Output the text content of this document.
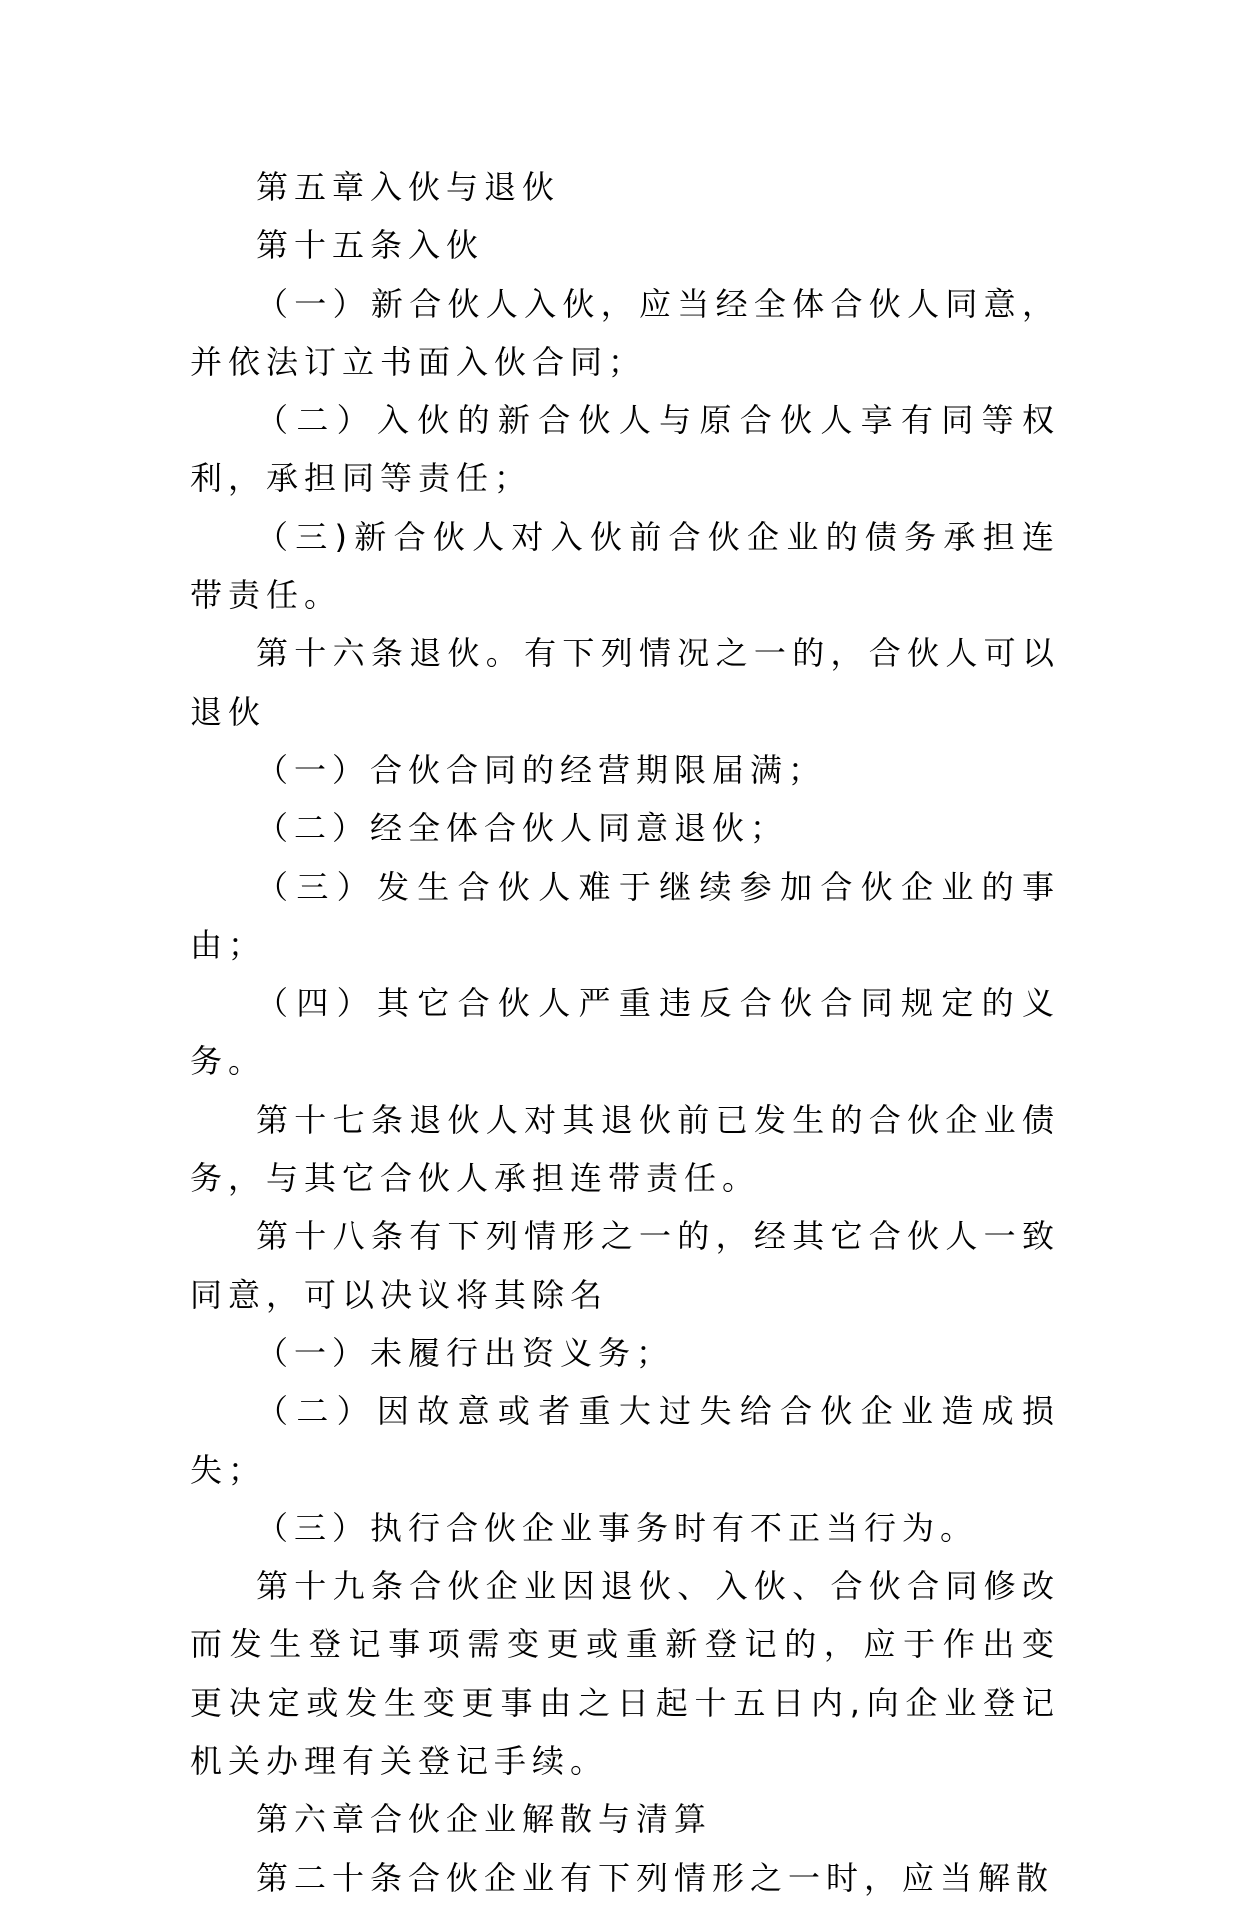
第五章入伙与退伙

第十五条入伙

（一）新合伙人入伙，应当经全体合伙人同意，并依法订立书面入伙合同；

（二）入伙的新合伙人与原合伙人享有同等权利，承担同等责任；

（三)新合伙人对入伙前合伙企业的债务承担连带责任。

第十六条退伙。有下列情况之一的，合伙人可以退伙

（一）合伙合同的经营期限届满；

（二）经全体合伙人同意退伙；

（三）发生合伙人难于继续参加合伙企业的事由；

（四）其它合伙人严重违反合伙合同规定的义务。

第十七条退伙人对其退伙前已发生的合伙企业债务，与其它合伙人承担连带责任。

第十八条有下列情形之一的，经其它合伙人一致同意，可以决议将其除名

（一）未履行出资义务；

（二）因故意或者重大过失给合伙企业造成损失；

（三）执行合伙企业事务时有不正当行为。

第十九条合伙企业因退伙、入伙、合伙合同修改而发生登记事项需变更或重新登记的，应于作出变更决定或发生变更事由之日起十五日内,向企业登记机关办理有关登记手续。

第六章合伙企业解散与清算

第二十条合伙企业有下列情形之一时，应当解散
